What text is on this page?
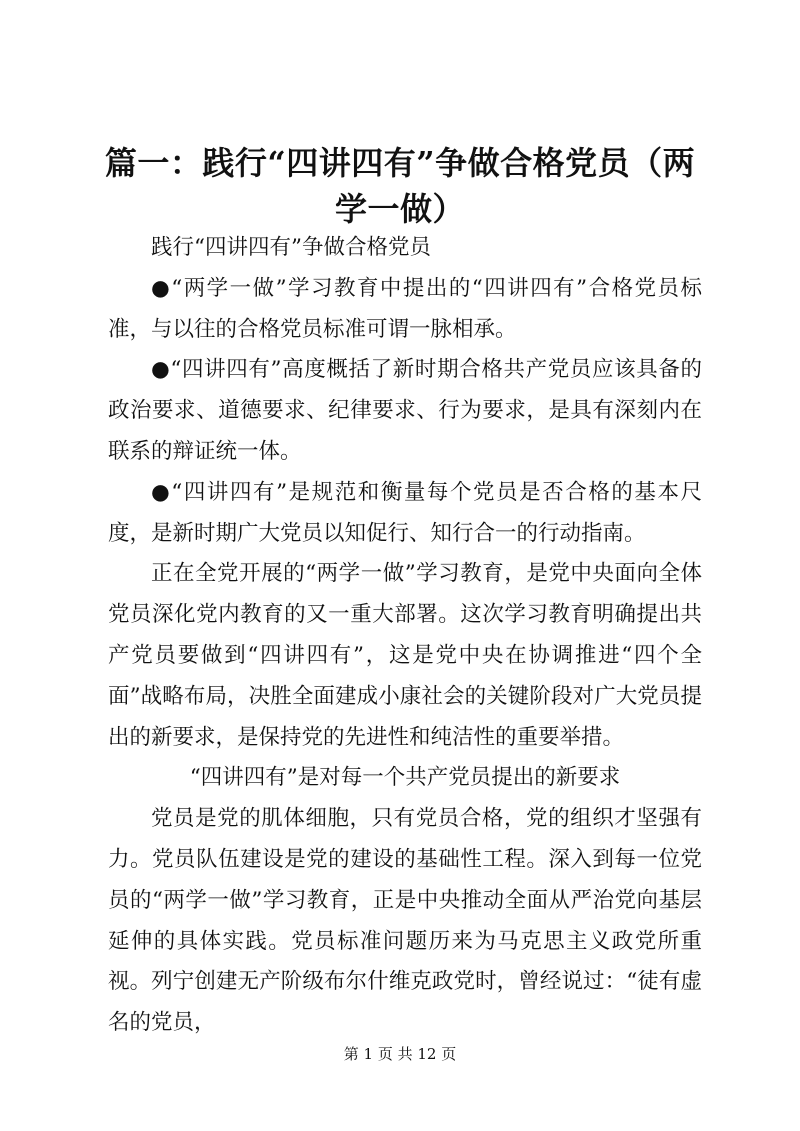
篇一：践行“四讲四有”争做合格党员（两学一做）

践行“四讲四有”争做合格党员

●“两学一做”学习教育中提出的“四讲四有”合格党员标准，与以往的合格党员标准可谓一脉相承。

●“四讲四有”高度概括了新时期合格共产党员应该具备的政治要求、道德要求、纪律要求、行为要求，是具有深刻内在联系的辩证统一体。

●“四讲四有”是规范和衡量每个党员是否合格的基本尺度，是新时期广大党员以知促行、知行合一的行动指南。

正在全党开展的“两学一做”学习教育，是党中央面向全体党员深化党内教育的又一重大部署。这次学习教育明确提出共产党员要做到“四讲四有”，这是党中央在协调推进“四个全面”战略布局，决胜全面建成小康社会的关键阶段对广大党员提出的新要求，是保持党的先进性和纯洁性的重要举措。

“四讲四有”是对每一个共产党员提出的新要求

党员是党的肌体细胞，只有党员合格，党的组织才坚强有力。党员队伍建设是党的建设的基础性工程。深入到每一位党员的“两学一做”学习教育，正是中央推动全面从严治党向基层延伸的具体实践。党员标准问题历来为马克思主义政党所重视。列宁创建无产阶级布尔什维克政党时，曾经说过：“徒有虚名的党员，

第 1 页 共 12 页
